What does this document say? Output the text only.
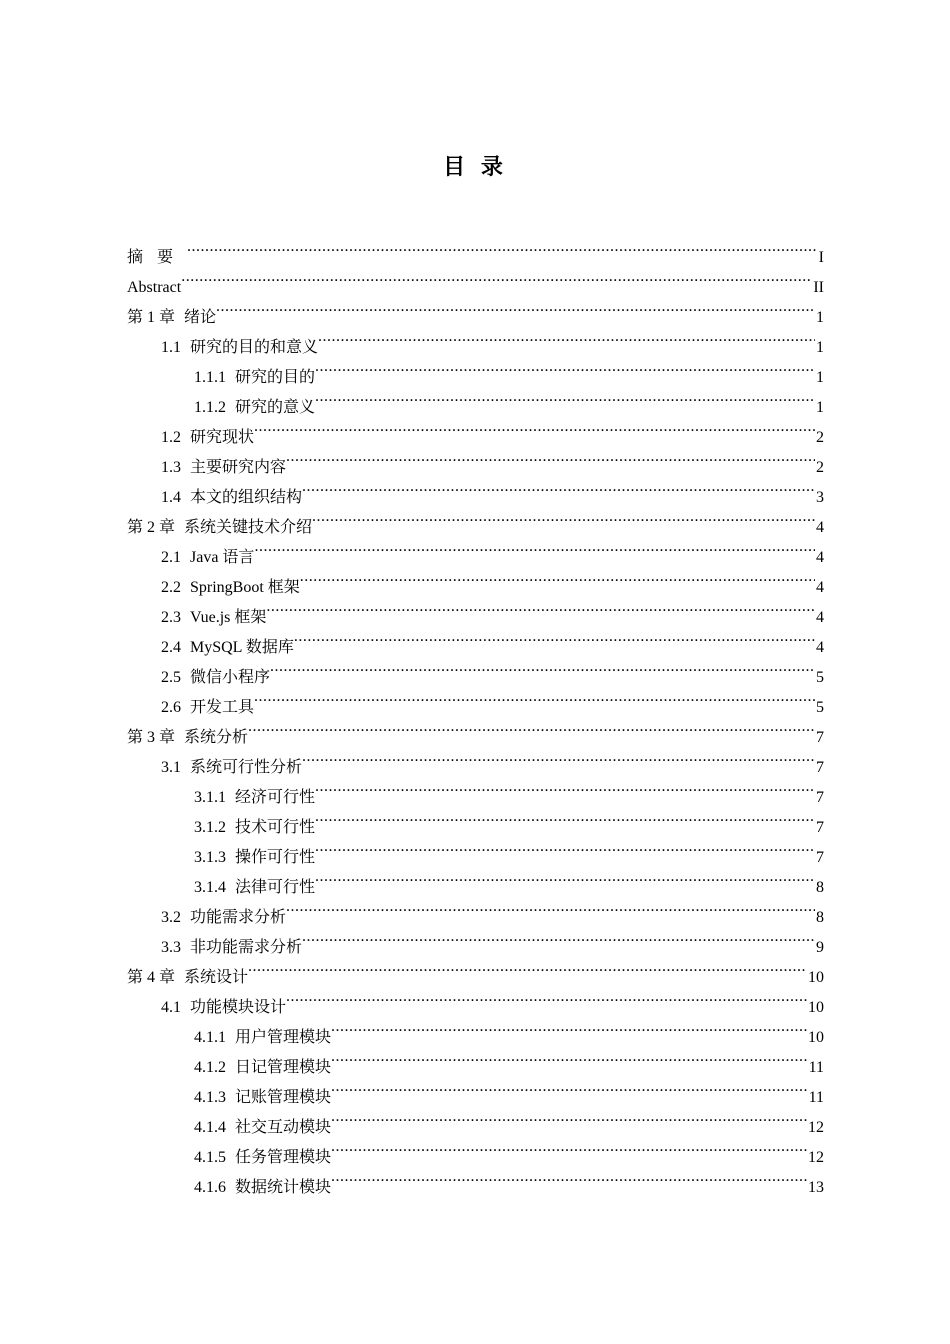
目 录
摘要 .....	I
Abstract .....	II
第 1 章 绪论 .....	1
1.1 研究的目的和意义 .....	1
1.1.1 研究的目的 .....	1
1.1.2 研究的意义 .....	1
1.2 研究现状 .....	2
1.3 主要研究内容 .....	2
1.4 本文的组织结构 .....	3
第 2 章 系统关键技术介绍 .....	4
2.1 Java 语言 .....	4
2.2 SpringBoot 框架 .....	4
2.3 Vue.js 框架 .....	4
2.4 MySQL 数据库 .....	4
2.5 微信小程序 .....	5
2.6 开发工具 .....	5
第 3 章 系统分析 .....	7
3.1 系统可行性分析 .....	7
3.1.1 经济可行性 .....	7
3.1.2 技术可行性 .....	7
3.1.3 操作可行性 .....	7
3.1.4 法律可行性 .....	8
3.2 功能需求分析 .....	8
3.3 非功能需求分析 .....	9
第 4 章 系统设计 .....	10
4.1 功能模块设计 .....	10
4.1.1 用户管理模块 .....	10
4.1.2 日记管理模块 .....	11
4.1.3 记账管理模块 .....	11
4.1.4 社交互动模块 .....	12
4.1.5 任务管理模块 .....	12
4.1.6 数据统计模块 .....	13
